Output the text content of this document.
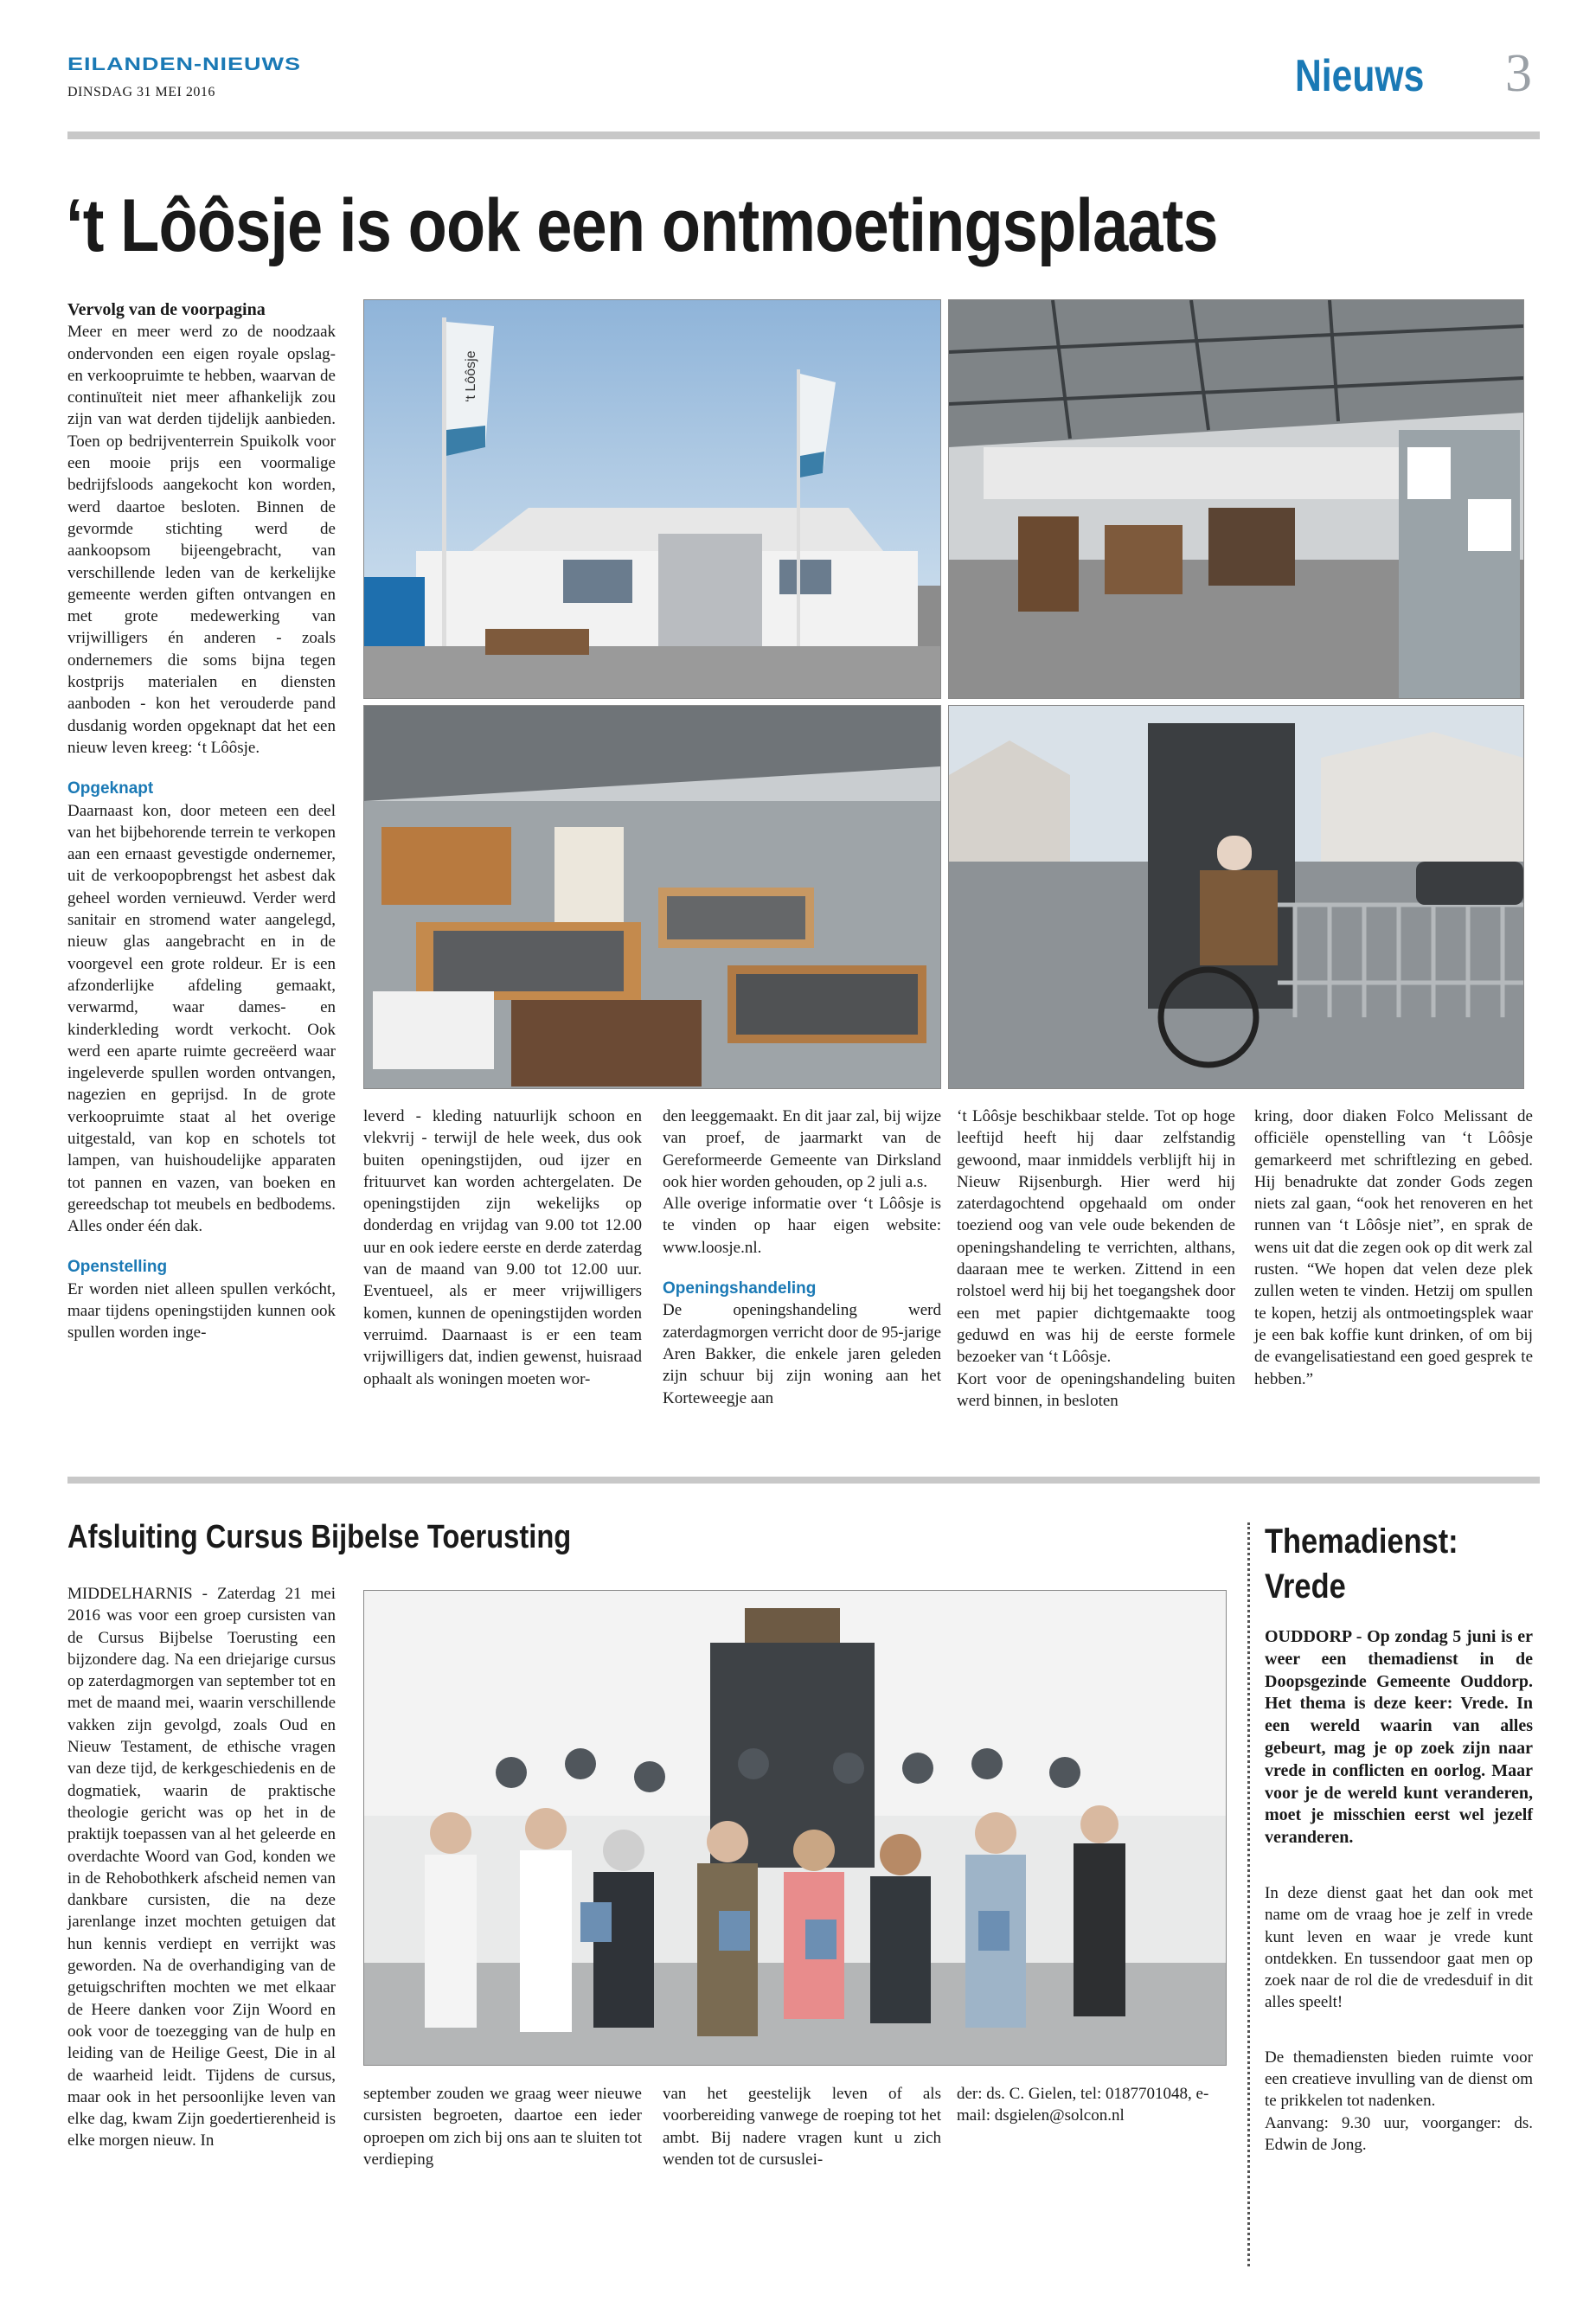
EILANDEN-NIEUWS
DINSDAG 31 MEI 2016	Nieuws 3
‘t Lôôsje is ook een ontmoetingsplaats

Vervolg van de voorpagina

Meer en meer werd zo de noodzaak ondervonden een eigen royale opslag- en verkoopruimte te hebben, waarvan de continuïteit niet meer afhankelijk zou zijn van wat derden tijdelijk aanbieden. Toen op bedrijventerrein Spuikolk voor een mooie prijs een voormalige bedrijfsloods aangekocht kon worden, werd daartoe besloten. Binnen de gevormde stichting werd de aankoopsom bijeengebracht, van verschillende leden van de kerkelijke gemeente werden giften ontvangen en met grote medewerking van vrijwilligers én anderen - zoals ondernemers die soms bijna tegen kostprijs materialen en diensten aanboden - kon het verouderde pand dusdanig worden opgeknapt dat het een nieuw leven kreeg: ‘t Lôôsje.

Opgeknapt

Daarnaast kon, door meteen een deel van het bijbehorende terrein te verkopen aan een ernaast gevestigde ondernemer, uit de verkoopopbrengst het asbest dak geheel worden vernieuwd. Verder werd sanitair en stromend water aangelegd, nieuw glas aangebracht en in de voorgevel een grote roldeur. Er is een afzonderlijke afdeling gemaakt, verwarmd, waar dames- en kinderkleding wordt verkocht. Ook werd een aparte ruimte gecreëerd waar ingeleverde spullen worden ontvangen, nagezien en geprijsd. In de grote verkoopruimte staat al het overige uitgestald, van kop en schotels tot lampen, van huishoudelijke apparaten tot pannen en vazen, van boeken en gereedschap tot meubels en bedbodems. Alles onder één dak.

Openstelling

Er worden niet alleen spullen verkócht, maar tijdens openingstijden kunnen ook spullen worden inge-

‘t Lôôsje

leverd - kleding natuurlijk schoon en vlekvrij - terwijl de hele week, dus ook buiten openingstijden, oud ijzer en frituurvet kan worden achtergelaten. De openingstijden zijn wekelijks op donderdag en vrijdag van 9.00 tot 12.00 uur en ook iedere eerste en derde zaterdag van de maand van 9.00 tot 12.00 uur. Eventueel, als er meer vrijwilligers komen, kunnen de openingstijden worden verruimd. Daarnaast is er een team vrijwilligers dat, indien gewenst, huisraad ophaalt als woningen moeten wor-

den leeggemaakt. En dit jaar zal, bij wijze van proef, de jaarmarkt van de Gereformeerde Gemeente van Dirksland ook hier worden gehouden, op 2 juli a.s.

Alle overige informatie over ‘t Lôôsje is te vinden op haar eigen website: www.loosje.nl.

Openingshandeling

De openingshandeling werd zaterdagmorgen verricht door de 95-jarige Aren Bakker, die enkele jaren geleden zijn schuur bij zijn woning aan het Korteweegje aan

‘t Lôôsje beschikbaar stelde. Tot op hoge leeftijd heeft hij daar zelfstandig gewoond, maar inmiddels verblijft hij in Nieuw Rijsenburgh. Hier werd hij zaterdagochtend opgehaald om onder toeziend oog van vele oude bekenden de openingshandeling te verrichten, althans, daaraan mee te werken. Zittend in een rolstoel werd hij bij het toegangshek door een met papier dichtgemaakte toog geduwd en was hij de eerste formele bezoeker van ‘t Lôôsje.

Kort voor de openingshandeling buiten werd binnen, in besloten

kring, door diaken Folco Melissant de officiële openstelling van ‘t Lôôsje gemarkeerd met schriftlezing en gebed. Hij benadrukte dat zonder Gods zegen niets zal gaan, “ook het renoveren en het runnen van ‘t Lôôsje niet”, en sprak de wens uit dat die zegen ook op dit werk zal rusten. “We hopen dat velen deze plek zullen weten te vinden. Hetzij om spullen te kopen, hetzij als ontmoetingsplek waar je een bak koffie kunt drinken, of om bij de evangelisatiestand een goed gesprek te hebben.”

Afsluiting Cursus Bijbelse Toerusting

MIDDELHARNIS - Zaterdag 21 mei 2016 was voor een groep cursisten van de Cursus Bijbelse Toerusting een bijzondere dag. Na een driejarige cursus op zaterdagmorgen van september tot en met de maand mei, waarin verschillende vakken zijn gevolgd, zoals Oud en Nieuw Testament, de ethische vragen van deze tijd, de kerkgeschiedenis en de dogmatiek, waarin de praktische theologie gericht was op het in de praktijk toepassen van al het geleerde en overdachte Woord van God, konden we in de Rehobothkerk afscheid nemen van dankbare cursisten, die na deze jarenlange inzet mochten getuigen dat hun kennis verdiept en verrijkt was geworden. Na de overhandiging van de getuigschriften mochten we met elkaar de Heere danken voor Zijn Woord en ook voor de toezegging van de hulp en leiding van de Heilige Geest, Die in al de waarheid leidt. Tijdens de cursus, maar ook in het persoonlijke leven van elke dag, kwam Zijn goedertierenheid is elke morgen nieuw. In

september zouden we graag weer nieuwe cursisten begroeten, daartoe een ieder oproepen om zich bij ons aan te sluiten tot verdieping

van het geestelijk leven of als voorbereiding vanwege de roeping tot het ambt. Bij nadere vragen kunt u zich wenden tot de cursuslei-

der: ds. C. Gielen, tel: 0187701048, e-mail: dsgielen@solcon.nl

Themadienst:
Vrede

OUDDORP - Op zondag 5 juni is er weer een themadienst in de Doopsgezinde Gemeente Ouddorp. Het thema is deze keer: Vrede. In een wereld waarin van alles gebeurt, mag je op zoek zijn naar vrede in conflicten en oorlog. Maar voor je de wereld kunt veranderen, moet je misschien eerst wel jezelf veranderen.

In deze dienst gaat het dan ook met name om de vraag hoe je zelf in vrede kunt leven en waar je vrede kunt ontdekken. En tussendoor gaat men op zoek naar de rol die de vredesduif in dit alles speelt!

De themadiensten bieden ruimte voor een creatieve invulling van de dienst om te prikkelen tot nadenken.

Aanvang: 9.30 uur, voorganger: ds. Edwin de Jong.
